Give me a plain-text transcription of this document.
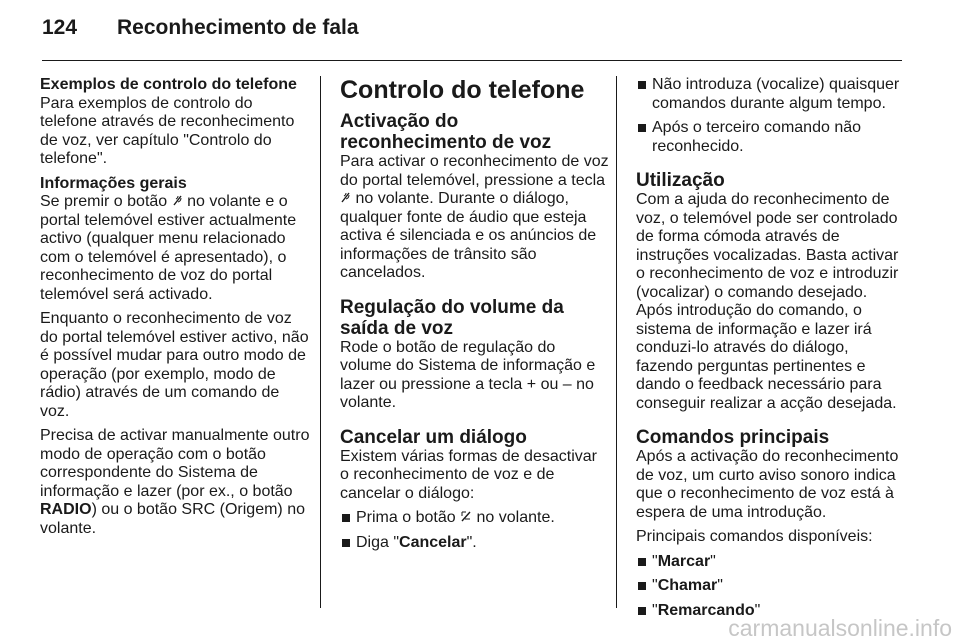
124 Reconhecimento de fala
Exemplos de controlo do telefone

Para exemplos de controlo do telefone através de reconhecimento de voz, ver capítulo "Controlo do telefone".

Informações gerais

Se premir o botão  no volante e o portal telemóvel estiver actualmente activo (qualquer menu relacionado com o telemóvel é apresentado), o reconhecimento de voz do portal telemóvel será activado.

Enquanto o reconhecimento de voz do portal telemóvel estiver activo, não é possível mudar para outro modo de operação (por exemplo, modo de rádio) através de um comando de voz.

Precisa de activar manualmente outro modo de operação com o botão correspondente do Sistema de informação e lazer (por ex., o botão RADIO) ou o botão SRC (Origem) no volante.

Controlo do telefone
Activação do reconhecimento de voz

Para activar o reconhecimento de voz do portal telemóvel, pressione a tecla  no volante. Durante o diálogo, qualquer fonte de áudio que esteja activa é silenciada e os anúncios de informações de trânsito são cancelados.

Regulação do volume da saída de voz

Rode o botão de regulação do volume do Sistema de informação e lazer ou pressione a tecla + ou – no volante.

Cancelar um diálogo

Existem várias formas de desactivar o reconhecimento de voz e de cancelar o diálogo:

Prima o botão  no volante.
Diga "Cancelar".
Não introduza (vocalize) quaisquer comandos durante algum tempo.
Após o terceiro comando não reconhecido.
Utilização

Com a ajuda do reconhecimento de voz, o telemóvel pode ser controlado de forma cómoda através de instruções vocalizadas. Basta activar o reconhecimento de voz e introduzir (vocalizar) o comando desejado. Após introdução do comando, o sistema de informação e lazer irá conduzi-lo através do diálogo, fazendo perguntas pertinentes e dando o feedback necessário para conseguir realizar a acção desejada.

Comandos principais

Após a activação do reconhecimento de voz, um curto aviso sonoro indica que o reconhecimento de voz está à espera de uma introdução.

Principais comandos disponíveis:

"Marcar"
"Chamar"
"Remarcando"
carmanualsonline.info
